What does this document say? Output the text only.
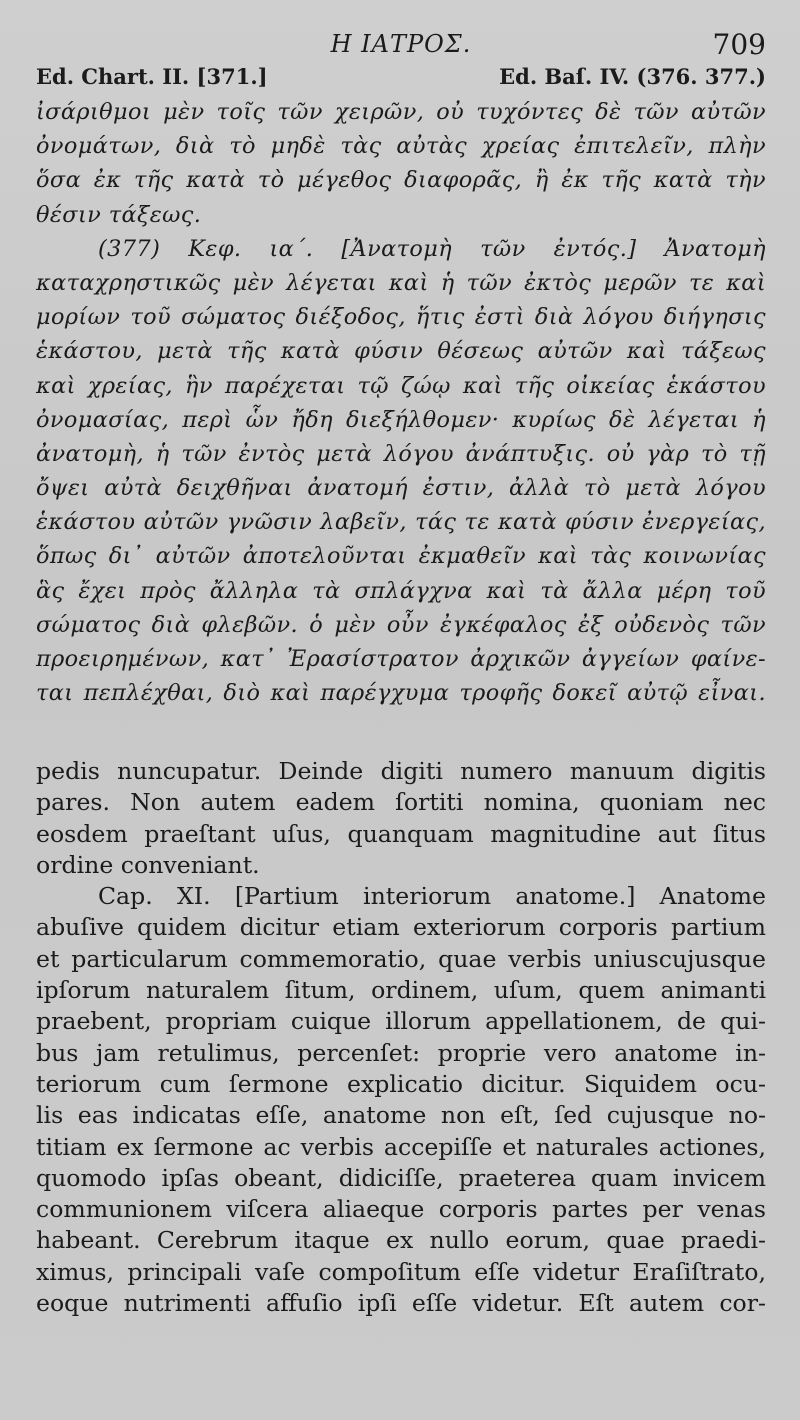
Η ΙΑΤΡΟΣ.	709
Ed. Chart. II. [371.]	Ed. Baſ. IV. (376. 377.)
ἰσάριθμοι μὲν τοῖς τῶν χειρῶν, οὐ τυχόντες δὲ τῶν αὐτῶν
ὀνομάτων, διὰ τὸ μηδὲ τὰς αὐτὰς χρείας ἐπιτελεῖν, πλὴν
ὅσα ἐκ τῆς κατὰ τὸ μέγεθος διαφορᾶς, ἢ ἐκ τῆς κατὰ τὴν
θέσιν τάξεως.
(377) Κεφ. ια΄. [Ἀνατομὴ τῶν ἐντός.] Ἀνατομὴ
καταχρηστικῶς μὲν λέγεται καὶ ἡ τῶν ἐκτὸς μερῶν τε καὶ
μορίων τοῦ σώματος διέξοδος, ἥτις ἐστὶ διὰ λόγου διήγησις
ἑκάστου, μετὰ τῆς κατὰ φύσιν θέσεως αὐτῶν καὶ τάξεως
καὶ χρείας, ἣν παρέχεται τῷ ζώῳ καὶ τῆς οἰκείας ἑκάστου
ὀνομασίας, περὶ ὧν ἤδη διεξήλθομεν· κυρίως δὲ λέγεται ἡ
ἀνατομὴ, ἡ τῶν ἐντὸς μετὰ λόγου ἀνάπτυξις. οὐ γὰρ τὸ τῇ
ὄψει αὐτὰ δειχθῆναι ἀνατομή ἐστιν, ἀλλὰ τὸ μετὰ λόγου
ἑκάστου αὐτῶν γνῶσιν λαβεῖν, τάς τε κατὰ φύσιν ἐνεργείας,
ὅπως δι᾽ αὐτῶν ἀποτελοῦνται ἐκμαθεῖν καὶ τὰς κοινωνίας
ἃς ἔχει πρὸς ἄλληλα τὰ σπλάγχνα καὶ τὰ ἄλλα μέρη τοῦ
σώματος διὰ φλεβῶν. ὁ μὲν οὖν ἐγκέφαλος ἐξ οὐδενὸς τῶν
προειρημένων, κατ᾽ Ἐρασίστρατον ἀρχικῶν ἀγγείων φαίνε-
ται πεπλέχθαι, διὸ καὶ παρέγχυμα τροφῆς δοκεῖ αὐτῷ εἶναι.
pedis nuncupatur. Deinde digiti numero manuum digitis
pares. Non autem eadem ſortiti nomina, quoniam nec
eosdem praeſtant uſus, quanquam magnitudine aut ſitus
ordine conveniant.
Cap. XI. [Partium interiorum anatome.] Anatome
abuſive quidem dicitur etiam exteriorum corporis partium
et particularum commemoratio, quae verbis uniuscujusque
ipſorum naturalem ſitum, ordinem, uſum, quem animanti
praebent, propriam cuique illorum appellationem, de qui-
bus jam retulimus, percenſet: proprie vero anatome in-
teriorum cum ſermone explicatio dicitur. Siquidem ocu-
lis eas indicatas eſſe, anatome non eſt, ſed cujusque no-
titiam ex ſermone ac verbis accepiſſe et naturales actiones,
quomodo ipſas obeant, didiciſſe, praeterea quam invicem
communionem viſcera aliaeque corporis partes per venas
habeant. Cerebrum itaque ex nullo eorum, quae praedi-
ximus, principali vaſe compoſitum eſſe videtur Eraſiſtrato,
eoque nutrimenti affuſio ipſi eſſe videtur. Eſt autem cor-
